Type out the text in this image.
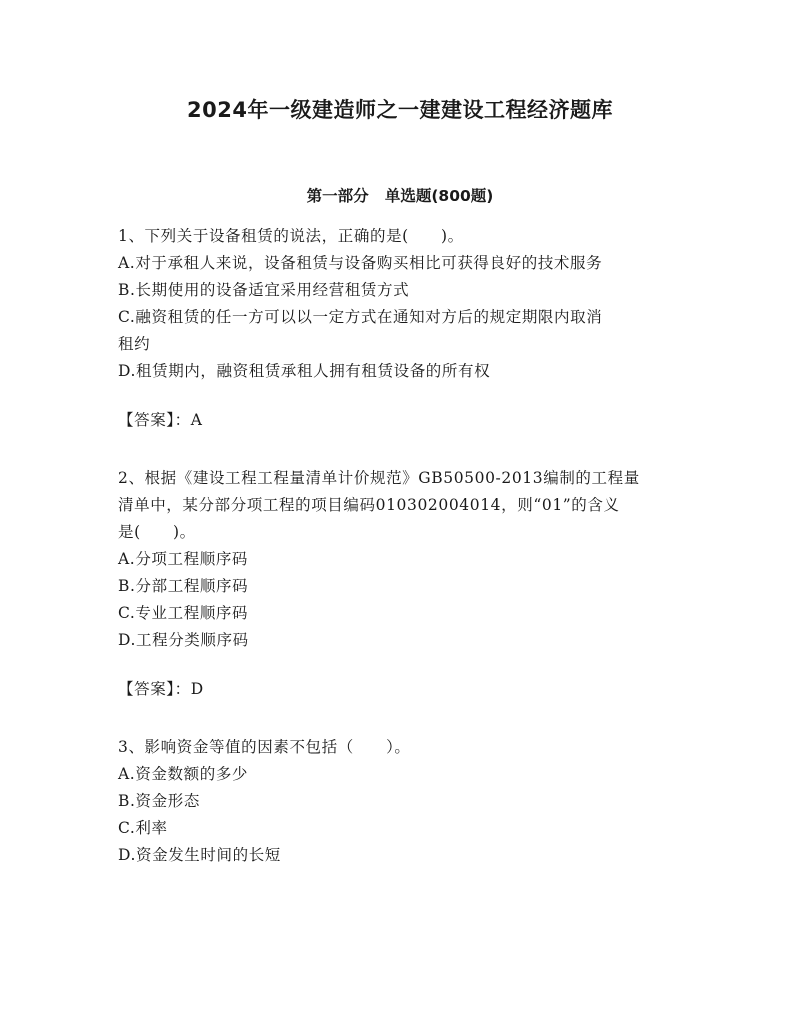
2024年一级建造师之一建建设工程经济题库
第一部分   单选题(800题)

1、下列关于设备租赁的说法，正确的是(　　)。

A.对于承租人来说，设备租赁与设备购买相比可获得良好的技术服务

B.长期使用的设备适宜采用经营租赁方式

C.融资租赁的任一方可以以一定方式在通知对方后的规定期限内取消

租约

D.租赁期内，融资租赁承租人拥有租赁设备的所有权

【答案】：A

2、根据《建设工程工程量清单计价规范》GB50500-2013编制的工程量

清单中，某分部分项工程的项目编码010302004014，则“01”的含义

是(　　)。

A.分项工程顺序码

B.分部工程顺序码

C.专业工程顺序码

D.工程分类顺序码

【答案】：D

3、影响资金等值的因素不包括（　　）。

A.资金数额的多少

B.资金形态

C.利率

D.资金发生时间的长短
